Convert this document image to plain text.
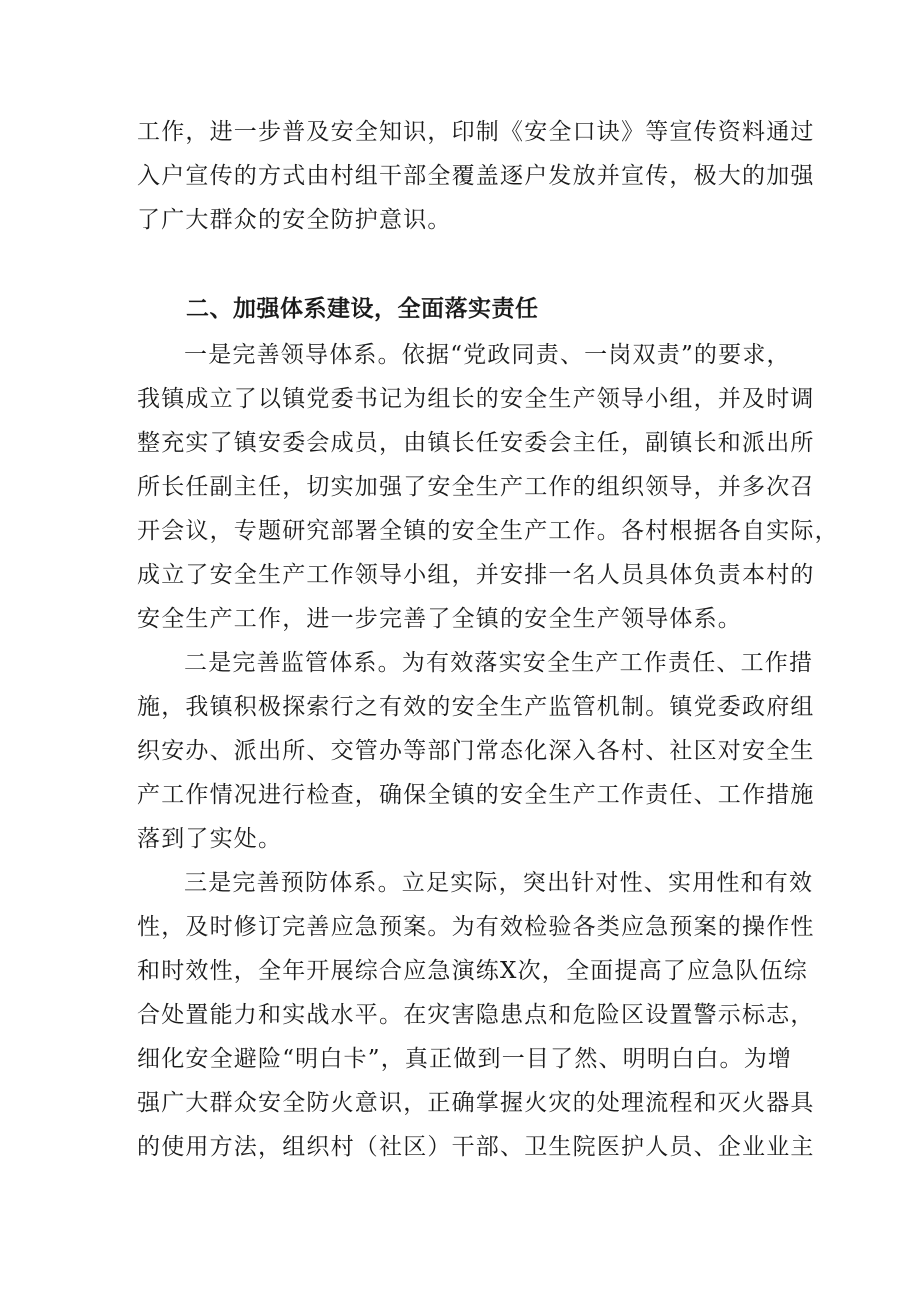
工作，进一步普及安全知识，印制《安全口诀》等宣传资料通过
入户宣传的方式由村组干部全覆盖逐户发放并宣传，极大的加强
了广大群众的安全防护意识。
二、加强体系建设，全面落实责任
一是完善领导体系。依据“党政同责、一岗双责”的要求，
我镇成立了以镇党委书记为组长的安全生产领导小组，并及时调
整充实了镇安委会成员，由镇长任安委会主任，副镇长和派出所
所长任副主任，切实加强了安全生产工作的组织领导，并多次召
开会议，专题研究部署全镇的安全生产工作。各村根据各自实际，
成立了安全生产工作领导小组，并安排一名人员具体负责本村的
安全生产工作，进一步完善了全镇的安全生产领导体系。
二是完善监管体系。为有效落实安全生产工作责任、工作措
施，我镇积极探索行之有效的安全生产监管机制。镇党委政府组
织安办、派出所、交管办等部门常态化深入各村、社区对安全生
产工作情况进行检查，确保全镇的安全生产工作责任、工作措施
落到了实处。
三是完善预防体系。立足实际，突出针对性、实用性和有效
性，及时修订完善应急预案。为有效检验各类应急预案的操作性
和时效性，全年开展综合应急演练X次，全面提高了应急队伍综
合处置能力和实战水平。在灾害隐患点和危险区设置警示标志，
细化安全避险“明白卡”，真正做到一目了然、明明白白。为增
强广大群众安全防火意识，正确掌握火灾的处理流程和灭火器具
的使用方法，组织村（社区）干部、卫生院医护人员、企业业主
